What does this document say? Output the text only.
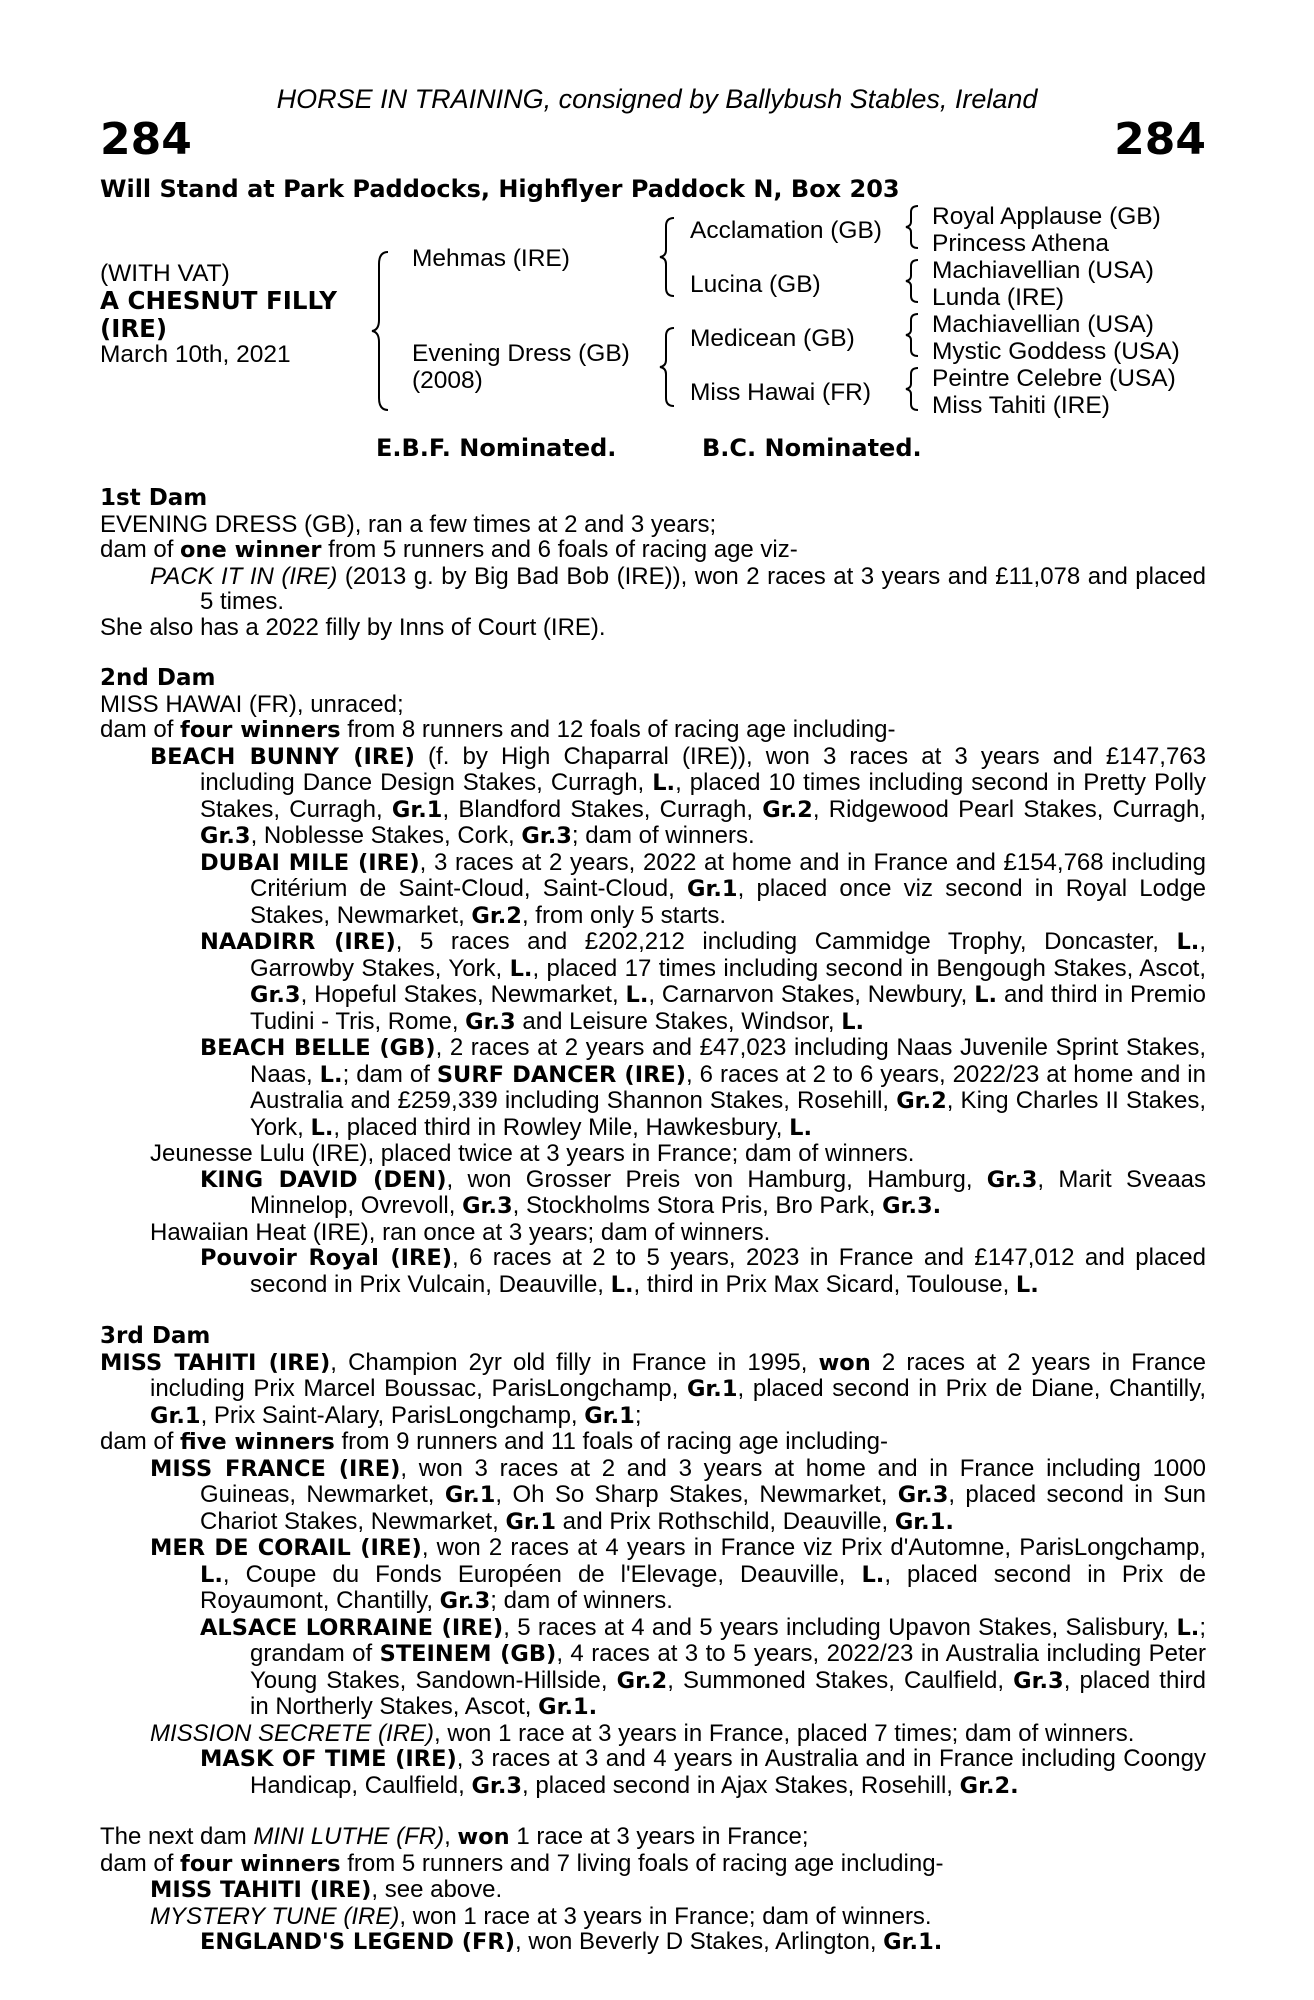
HORSE IN TRAINING, consigned by Ballybush Stables, Ireland
284	284
Will Stand at Park Paddocks, Highflyer Paddock N, Box 203
(WITH VAT)
A CHESNUT FILLY
(IRE)
March 10th, 2021
Mehmas (IRE)
Evening Dress (GB)
(2008)
Acclamation (GB)
Lucina (GB)
Medicean (GB)
Miss Hawai (FR)
Royal Applause (GB)
Princess Athena
Machiavellian (USA)
Lunda (IRE)
Machiavellian (USA)
Mystic Goddess (USA)
Peintre Celebre (USA)
Miss Tahiti (IRE)
E.B.F. Nominated.	B.C. Nominated.

1st Dam

EVENING DRESS (GB), ran a few times at 2 and 3 years;

dam of one winner from 5 runners and 6 foals of racing age viz-

PACK IT IN (IRE) (2013 g. by Big Bad Bob (IRE)), won 2 races at 3 years and £11,078 and placed 5 times.

She also has a 2022 filly by Inns of Court (IRE).

2nd Dam

MISS HAWAI (FR), unraced;

dam of four winners from 8 runners and 12 foals of racing age including-

BEACH BUNNY (IRE) (f. by High Chaparral (IRE)), won 3 races at 3 years and £147,763 including Dance Design Stakes, Curragh, L., placed 10 times including second in Pretty Polly Stakes, Curragh, Gr.1, Blandford Stakes, Curragh, Gr.2, Ridgewood Pearl Stakes, Curragh, Gr.3, Noblesse Stakes, Cork, Gr.3; dam of winners.

DUBAI MILE (IRE), 3 races at 2 years, 2022 at home and in France and £154,768 including Critérium de Saint-Cloud, Saint-Cloud, Gr.1, placed once viz second in Royal Lodge Stakes, Newmarket, Gr.2, from only 5 starts.

NAADIRR (IRE), 5 races and £202,212 including Cammidge Trophy, Doncaster, L., Garrowby Stakes, York, L., placed 17 times including second in Bengough Stakes, Ascot, Gr.3, Hopeful Stakes, Newmarket, L., Carnarvon Stakes, Newbury, L. and third in Premio Tudini - Tris, Rome, Gr.3 and Leisure Stakes, Windsor, L.

BEACH BELLE (GB), 2 races at 2 years and £47,023 including Naas Juvenile Sprint Stakes, Naas, L.; dam of SURF DANCER (IRE), 6 races at 2 to 6 years, 2022/23 at home and in Australia and £259,339 including Shannon Stakes, Rosehill, Gr.2, King Charles II Stakes, York, L., placed third in Rowley Mile, Hawkesbury, L.

Jeunesse Lulu (IRE), placed twice at 3 years in France; dam of winners.

KING DAVID (DEN), won Grosser Preis von Hamburg, Hamburg, Gr.3, Marit Sveaas Minnelop, Ovrevoll, Gr.3, Stockholms Stora Pris, Bro Park, Gr.3.

Hawaiian Heat (IRE), ran once at 3 years; dam of winners.

Pouvoir Royal (IRE), 6 races at 2 to 5 years, 2023 in France and £147,012 and placed second in Prix Vulcain, Deauville, L., third in Prix Max Sicard, Toulouse, L.

3rd Dam

MISS TAHITI (IRE), Champion 2yr old filly in France in 1995, won 2 races at 2 years in France including Prix Marcel Boussac, ParisLongchamp, Gr.1, placed second in Prix de Diane, Chantilly, Gr.1, Prix Saint-Alary, ParisLongchamp, Gr.1;

dam of five winners from 9 runners and 11 foals of racing age including-

MISS FRANCE (IRE), won 3 races at 2 and 3 years at home and in France including 1000 Guineas, Newmarket, Gr.1, Oh So Sharp Stakes, Newmarket, Gr.3, placed second in Sun Chariot Stakes, Newmarket, Gr.1 and Prix Rothschild, Deauville, Gr.1.

MER DE CORAIL (IRE), won 2 races at 4 years in France viz Prix d'Automne, ParisLongchamp, L., Coupe du Fonds Européen de l'Elevage, Deauville, L., placed second in Prix de Royaumont, Chantilly, Gr.3; dam of winners.

ALSACE LORRAINE (IRE), 5 races at 4 and 5 years including Upavon Stakes, Salisbury, L.; grandam of STEINEM (GB), 4 races at 3 to 5 years, 2022/23 in Australia including Peter Young Stakes, Sandown-Hillside, Gr.2, Summoned Stakes, Caulfield, Gr.3, placed third in Northerly Stakes, Ascot, Gr.1.

MISSION SECRETE (IRE), won 1 race at 3 years in France, placed 7 times; dam of winners.

MASK OF TIME (IRE), 3 races at 3 and 4 years in Australia and in France including Coongy Handicap, Caulfield, Gr.3, placed second in Ajax Stakes, Rosehill, Gr.2.

The next dam MINI LUTHE (FR), won 1 race at 3 years in France;

dam of four winners from 5 runners and 7 living foals of racing age including-

MISS TAHITI (IRE), see above.

MYSTERY TUNE (IRE), won 1 race at 3 years in France; dam of winners.

ENGLAND'S LEGEND (FR), won Beverly D Stakes, Arlington, Gr.1.
